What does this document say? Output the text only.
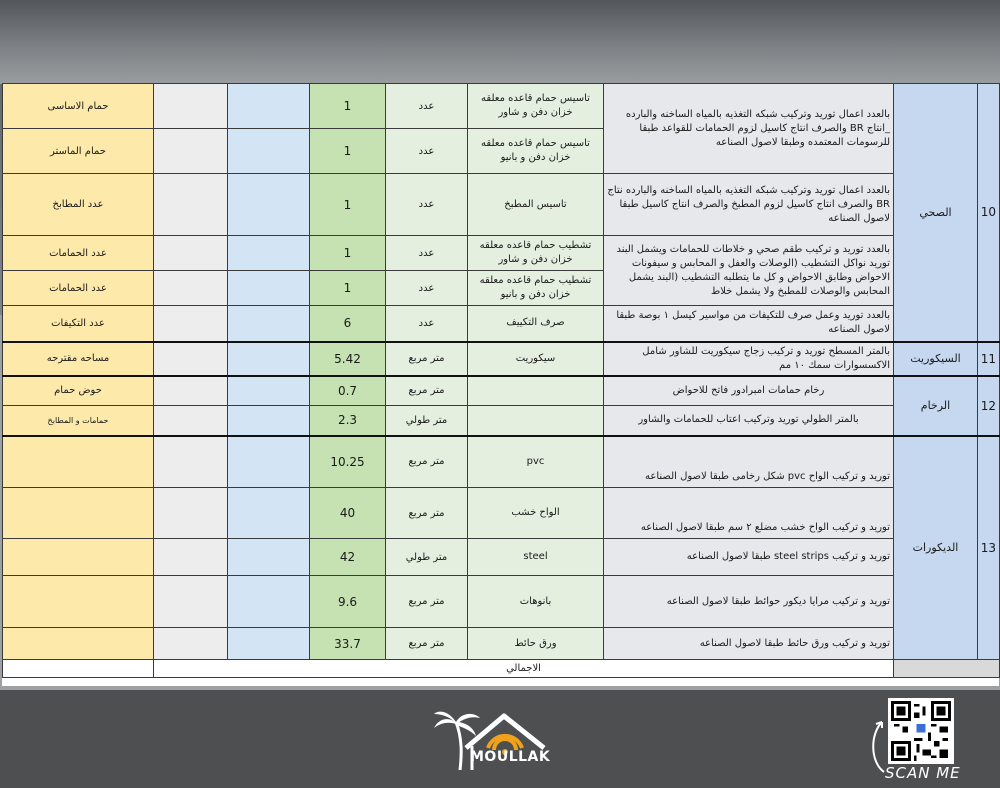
10	الصحي	بالعدد اعمال توريد وتركيب شبكه التغذيه بالمياه الساخنه والبارده _انتاج BR والصرف انتاج كاسيل لزوم الحمامات للقواعد طبقا للرسومات المعتمده وطبقا لاصول الصناعه	تاسيس حمام قاعده معلقه
خزان دفن و شاور	عدد	1			حمام الاساسى
			تاسيس حمام قاعده معلقه
خزان دفن و بانيو	عدد	1			حمام الماستر
		بالعدد اعمال توريد وتركيب شبكه التغذيه بالمياه الساخنه والبارده نتاج BR والصرف انتاج كاسيل لزوم المطبخ والصرف انتاج كاسيل طبقا لاصول الصناعه	تاسيس المطبخ	عدد	1			عدد المطابخ
		بالعدد توريد و تركيب طقم صحي و خلاطات للحمامات ويشمل البند توريد نواكل التشطيب (الوصلات والعفل و المحابس و سيفونات الاحواض وطابق الاحواض و كل ما يتطلبه التشطيب (البند يشمل المحابس والوصلات للمطبخ ولا يشمل خلاط	تشطيب حمام قاعده معلقه
خزان دفن و شاور	عدد	1			عدد الحمامات
			تشطيب حمام قاعده معلقه
خزان دفن و بانيو	عدد	1			عدد الحمامات
		بالعدد توريد وعمل صرف للتكيفات من مواسير كيسل ١ بوصة طبقا لاصول الصناعه	صرف التكييف	عدد	6			عدد التكيفات
11	السيكوريت	بالمتر المسطح توريد و تركيب زجاج سيكوريت للشاور شامل الاكسسوارات سمك ١٠ مم	سيكوريت	متر مربع	5.42			مساحه مقترحه
12	الرخام	رخام حمامات امبرادور فاتح للاحواض		متر مربع	0.7			حوض حمام
		بالمتر الطولي توريد وتركيب اعتاب للحمامات والشاور		متر طولي	2.3			حمامات و المطابخ
13	الديكورات	توريد و تركيب الواح pvc شكل رخامى طبقا لاصول الصناعه	pvc	متر مربع	10.25			
		توريد و تركيب الواح خشب مضلع ٢ سم طبقا لاصول الصناعه	الواح خشب	متر مربع	40			
		توريد و تركيب steel strips طبقا لاصول الصناعه	steel	متر طولي	42			
		توريد و تركيب مرايا ديكور حوائط طبقا لاصول الصناعه	بانوهات	متر مربع	9.6			
		توريد و تركيب ورق حائط طبقا لاصول الصناعه	ورق حائط	متر مربع	33.7			
		الاجمالي						
MOULLAK
SCAN ME
